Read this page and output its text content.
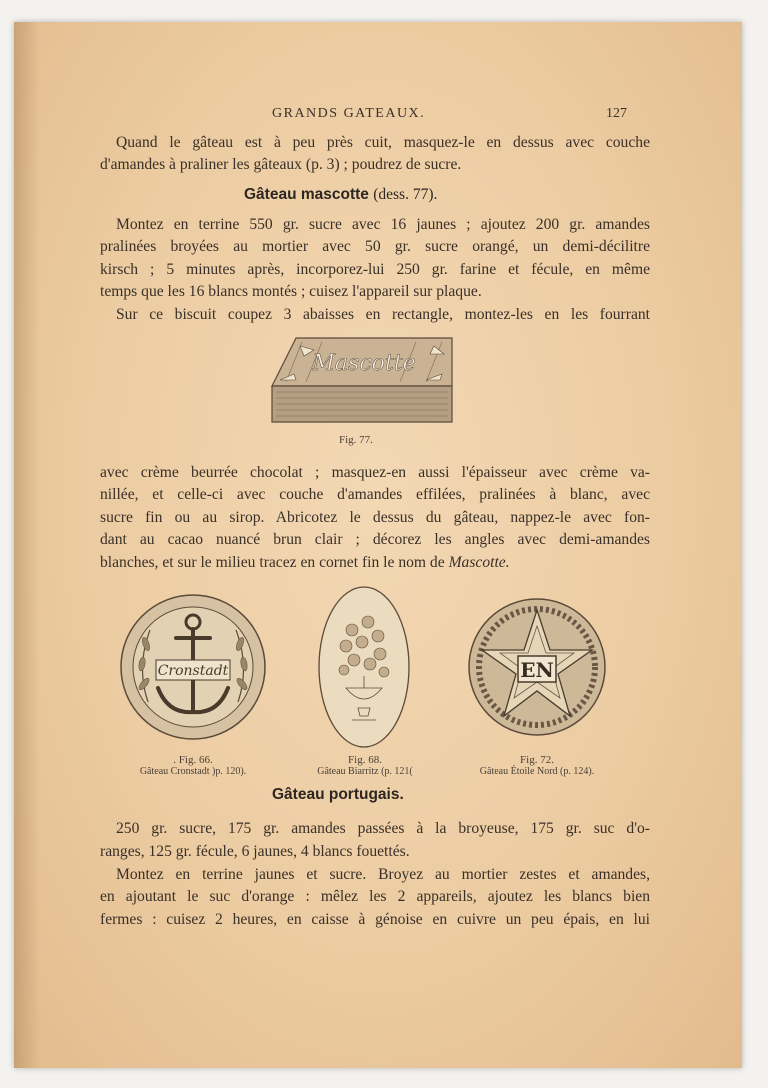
GRANDS GATEAUX.	127
Quand le gâteau est à peu près cuit, masquez-le en dessus avec couche
d'amandes à praliner les gâteaux (p. 3) ; poudrez de sucre.
Gâteau mascotte (dess. 77).
Montez en terrine 550 gr. sucre avec 16 jaunes ; ajoutez 200 gr. amandes
pralinées broyées au mortier avec 50 gr. sucre orangé, un demi-décilitre
kirsch ; 5 minutes après, incorporez-lui 250 gr. farine et fécule, en même
temps que les 16 blancs montés ; cuisez l'appareil sur plaque.
Sur ce biscuit coupez 3 abaisses en rectangle, montez-les en les fourrant
Mascotte
Fig. 77.
avec crème beurrée chocolat ; masquez-en aussi l'épaisseur avec crème va-
nillée, et celle-ci avec couche d'amandes effilées, pralinées à blanc, avec
sucre fin ou au sirop. Abricotez le dessus du gâteau, nappez-le avec fon-
dant au cacao nuancé brun clair ; décorez les angles avec demi-amandes
blanches, et sur le milieu tracez en cornet fin le nom de Mascotte.
Cronstadt
. Fig. 66.
Gâteau Cronstadt )p. 120).
Fig. 68.
Gâteau Biarritz (p. 121(
EN
Fig. 72.
Gâteau Étoile Nord (p. 124).
Gâteau portugais.
250 gr. sucre, 175 gr. amandes passées à la broyeuse, 175 gr. suc d'o-
ranges, 125 gr. fécule, 6 jaunes, 4 blancs fouettés.
Montez en terrine jaunes et sucre. Broyez au mortier zestes et amandes,
en ajoutant le suc d'orange : mêlez les 2 appareils, ajoutez les blancs bien
fermes : cuisez 2 heures, en caisse à génoise en cuivre un peu épais, en lui
